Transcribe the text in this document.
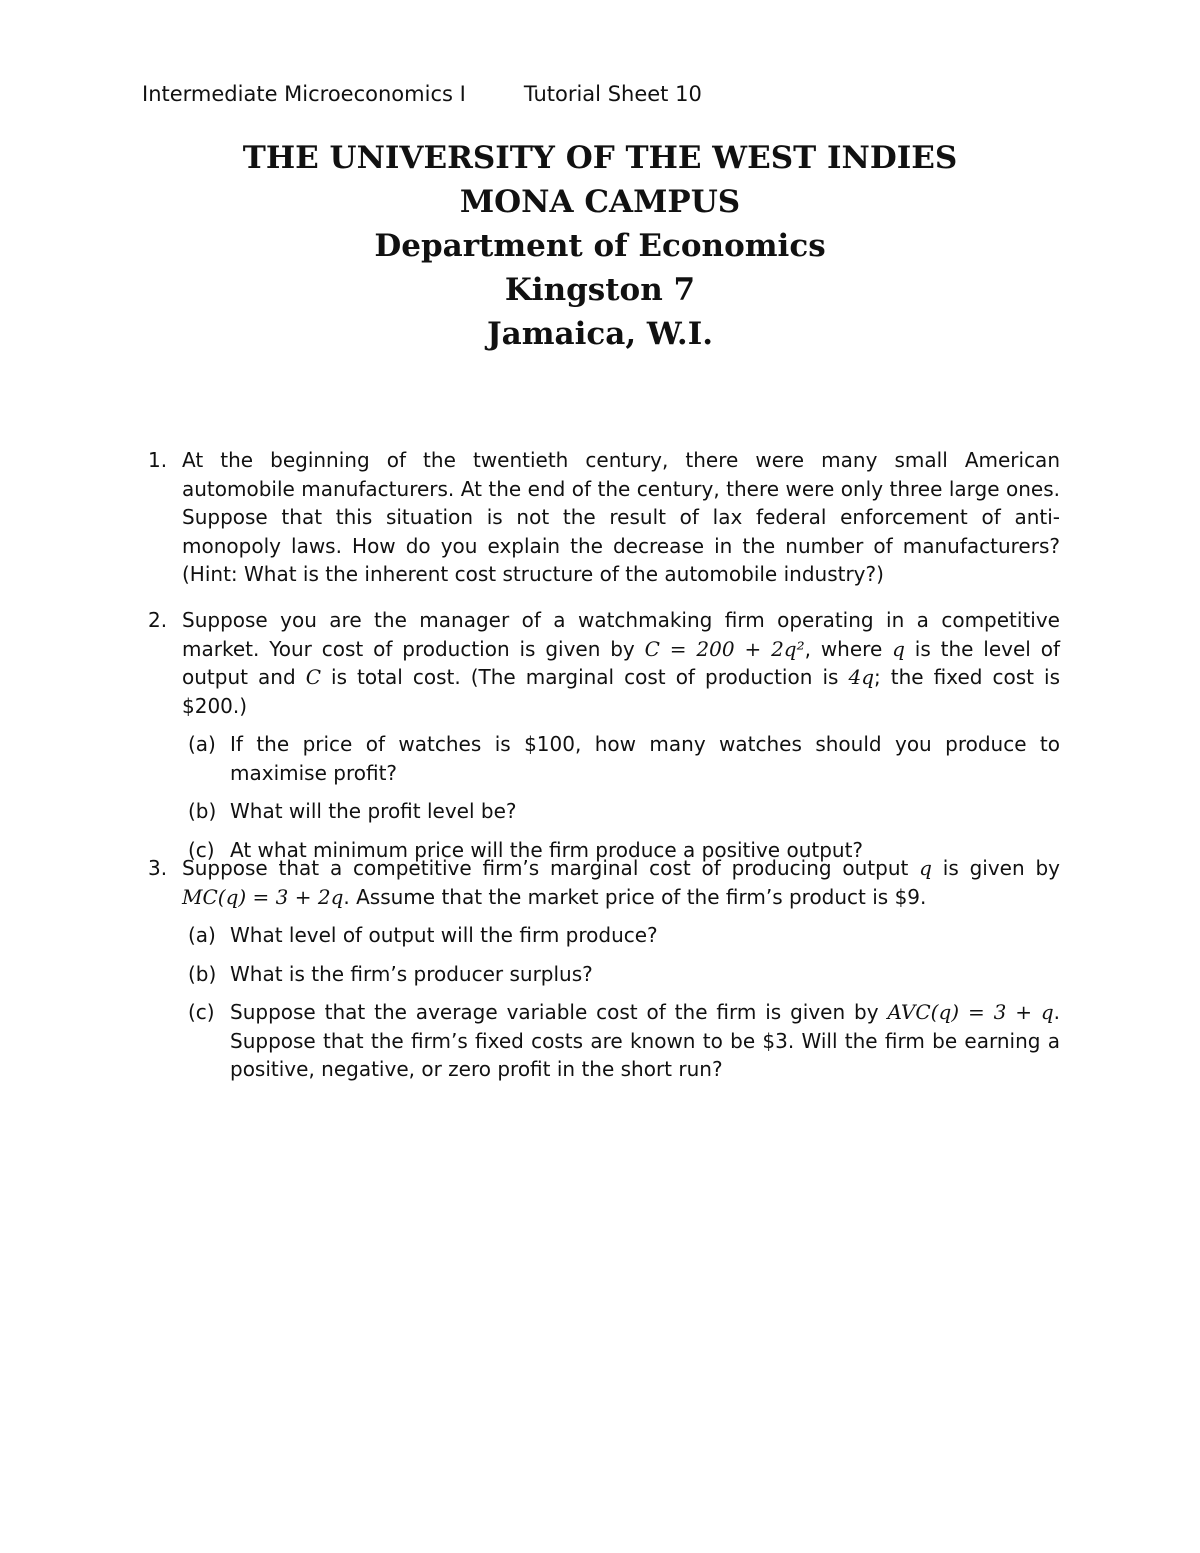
Intermediate Microeconomics I	Tutorial Sheet 10
THE UNIVERSITY OF THE WEST INDIES
MONA CAMPUS
Department of Economics
Kingston 7
Jamaica, W.I.
1. At the beginning of the twentieth century, there were many small American automobile manufacturers. At the end of the century, there were only three large ones. Suppose that this situation is not the result of lax federal enforcement of anti-monopoly laws. How do you explain the decrease in the number of manufacturers? (Hint: What is the inherent cost structure of the automobile industry?)
2. Suppose you are the manager of a watchmaking firm operating in a competitive market. Your cost of production is given by C = 200 + 2q², where q is the level of output and C is total cost. (The marginal cost of production is 4q; the fixed cost is $200.)
(a) If the price of watches is $100, how many watches should you produce to maximise profit?
(b) What will the profit level be?
(c) At what minimum price will the firm produce a positive output?
3. Suppose that a competitive firm’s marginal cost of producing output q is given by MC(q) = 3 + 2q. Assume that the market price of the firm’s product is $9.
(a) What level of output will the firm produce?
(b) What is the firm’s producer surplus?
(c) Suppose that the average variable cost of the firm is given by AVC(q) = 3 + q. Suppose that the firm’s fixed costs are known to be $3. Will the firm be earning a positive, negative, or zero profit in the short run?
